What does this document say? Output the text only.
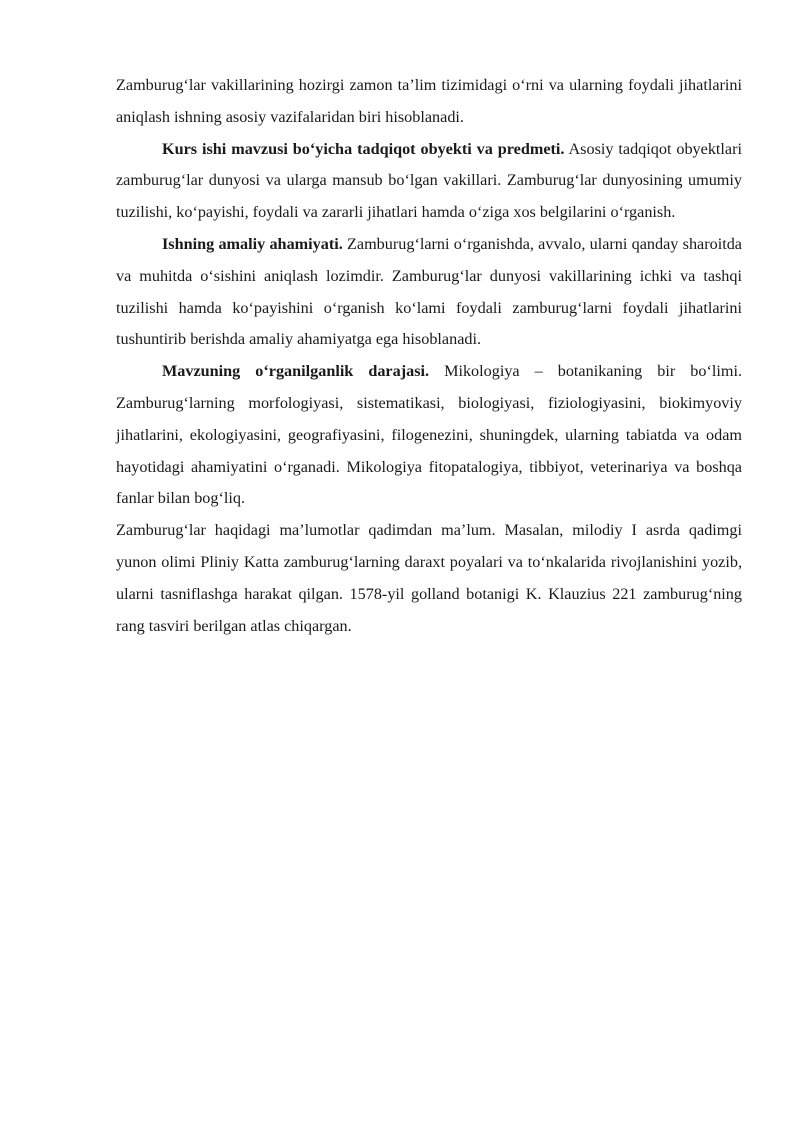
Zamburug‘lar vakillarining hozirgi zamon ta’lim tizimidagi o‘rni va ularning foydali jihatlarini aniqlash ishning asosiy vazifalaridan biri hisoblanadi.

Kurs ishi mavzusi bo‘yicha tadqiqot obyekti va predmeti. Asosiy tadqiqot obyektlari zamburug‘lar dunyosi va ularga mansub bo‘lgan vakillari. Zamburug‘lar dunyosining umumiy tuzilishi, ko‘payishi, foydali va zararli jihatlari hamda o‘ziga xos belgilarini o‘rganish.

Ishning amaliy ahamiyati. Zamburug‘larni o‘rganishda, avvalo, ularni qanday sharoitda va muhitda o‘sishini aniqlash lozimdir. Zamburug‘lar dunyosi vakillarining ichki va tashqi tuzilishi hamda ko‘payishini o‘rganish ko‘lami foydali zamburug‘larni foydali jihatlarini tushuntirib berishda amaliy ahamiyatga ega hisoblanadi.

Mavzuning o‘rganilganlik darajasi. Mikologiya – botanikaning bir bo‘limi. Zamburug‘larning morfologiyasi, sistematikasi, biologiyasi, fiziologiyasini, biokimyoviy jihatlarini, ekologiyasini, geografiyasini, filogenezini, shuningdek, ularning tabiatda va odam hayotidagi ahamiyatini o‘rganadi. Mikologiya fitopatalogiya, tibbiyot, veterinariya va boshqa fanlar bilan bog‘liq.

Zamburug‘lar haqidagi ma’lumotlar qadimdan ma’lum. Masalan, milodiy I asrda qadimgi yunon olimi Pliniy Katta zamburug‘larning daraxt poyalari va to‘nkalarida rivojlanishini yozib, ularni tasniflashga harakat qilgan. 1578-yil golland botanigi K. Klauzius 221 zamburug‘ning rang tasviri berilgan atlas chiqargan.
